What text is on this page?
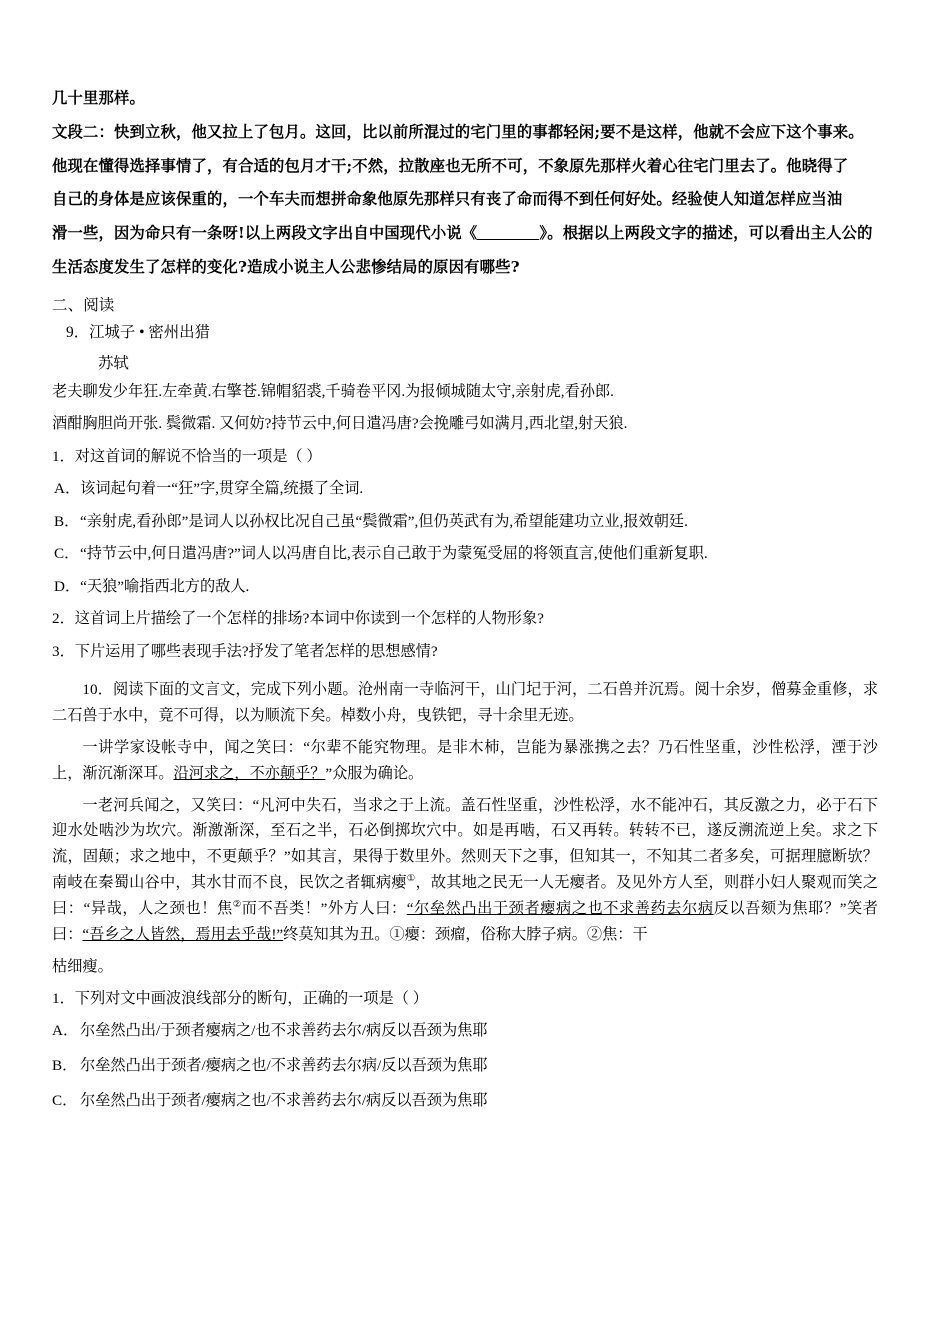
几十里那样。

文段二：快到立秋，他又拉上了包月。这回，比以前所混过的宅门里的事都轻闲;要不是这样，他就不会应下这个事来。

他现在懂得选择事情了，有合适的包月才干;不然，拉散座也无所不可，不象原先那样火着心往宅门里去了。他晓得了

自己的身体是应该保重的，一个车夫而想拼命象他原先那样只有丧了命而得不到任何好处。经验使人知道怎样应当油

滑一些，因为命只有一条呀!以上两段文字出自中国现代小说《	》。根据以上两段文字的描述，可以看出主人公的

生活态度发生了怎样的变化?造成小说主人公悲惨结局的原因有哪些?

二、阅读
9．江城子 • 密州出猎
苏轼

老夫聊发少年狂.左牵黄.右擎苍.锦帽貂裘,千骑卷平冈.为报倾城随太守,亲射虎,看孙郎.

酒酣胸胆尚开张. 鬓微霜. 又何妨?持节云中,何日遣冯唐?会挽雕弓如满月,西北望,射天狼.

1．对这首词的解说不恰当的一项是（ ）
A．该词起句着一“狂”字,贯穿全篇,统摄了全词.
B．“亲射虎,看孙郎”是词人以孙权比况自己虽“鬓微霜”,但仍英武有为,希望能建功立业,报效朝廷.
C．“持节云中,何日遣冯唐?”词人以冯唐自比,表示自己敢于为蒙冤受屈的将领直言,使他们重新复职.
D．“天狼”喻指西北方的敌人.
2．这首词上片描绘了一个怎样的排场?本词中你读到一个怎样的人物形象?
3．下片运用了哪些表现手法?抒发了笔者怎样的思想感情?
10．阅读下面的文言文，完成下列小题。沧州南一寺临河干，山门圮于河，二石兽并沉焉。阅十余岁，僧募金重修，求二石兽于水中，竟不可得，以为顺流下矣。棹数小舟，曳铁钯，寻十余里无迹。
一讲学家设帐寺中，闻之笑曰：“尔辈不能究物理。是非木杮，岂能为暴涨携之去？乃石性坚重，沙性松浮，湮于沙上，渐沉渐深耳。沿河求之，不亦颠乎？”众服为确论。
一老河兵闻之，又笑曰：“凡河中失石，当求之于上流。盖石性坚重，沙性松浮，水不能冲石，其反激之力，必于石下迎水处啮沙为坎穴。渐激渐深，至石之半，石必倒掷坎穴中。如是再啮，石又再转。转转不已，遂反溯流逆上矣。求之下流，固颠；求之地中，不更颠乎？”如其言，果得于数里外。然则天下之事，但知其一，不知其二者多矣，可据理臆断欤？南岐在秦蜀山谷中，其水甘而不良，民饮之者辄病瘿①，故其地之民无一人无瘿者。及见外方人至，则群小妇人聚观而笑之曰：“异哉，人之颈也！焦②而不吾类！”外方人曰：“尔垒然凸出于颈者瘿病之也不求善药去尔病反以吾颏为焦耶？”笑者曰：“吾乡之人皆然，焉用去乎哉!”终莫知其为丑。①瘿：颈瘤，俗称大脖子病。②焦：干
枯细瘦。
1．下列对文中画波浪线部分的断句，正确的一项是（ ）

A． 尔垒然凸出/于颈者瘿病之/也不求善药去尔/病反以吾颈为焦耶

B． 尔垒然凸出于颈者/瘿病之也/不求善药去尔病/反以吾颈为焦耶

C． 尔垒然凸出于颈者/瘿病之也/不求善药去尔/病反以吾颈为焦耶
